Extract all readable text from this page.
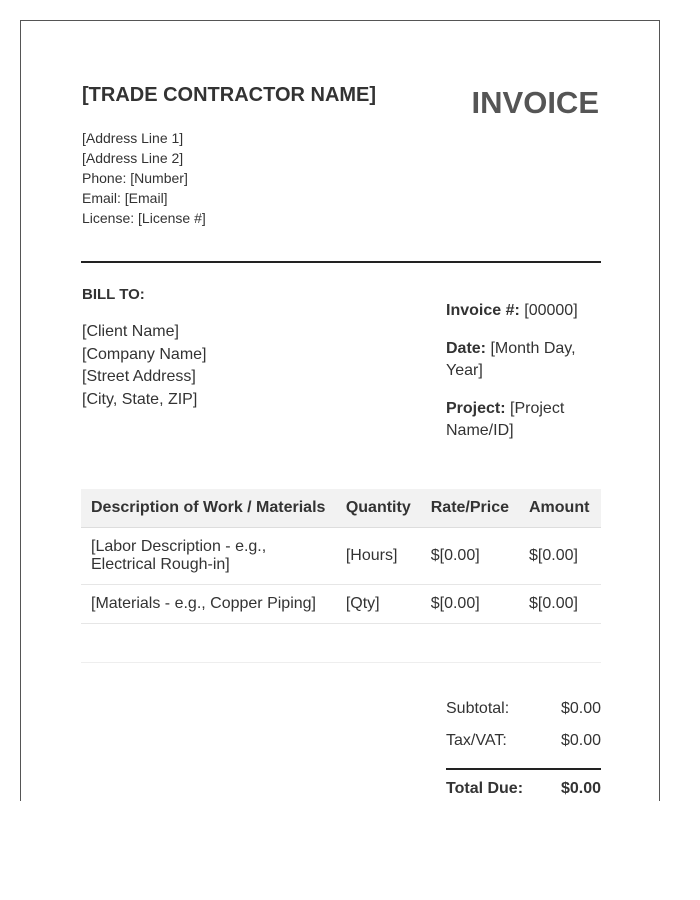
[TRADE CONTRACTOR NAME]	INVOICE
[Address Line 1]
[Address Line 2]
Phone: [Number]
Email: [Email]
License: [License #]
BILL TO:
[Client Name]
[Company Name]
[Street Address]
[City, State, ZIP]
Invoice #: [00000]
Date: [Month Day, Year]
Project: [Project Name/ID]
Description of Work / Materials	Quantity	Rate/Price	Amount
[Labor Description - e.g., Electrical Rough-in]	[Hours]	$[0.00]	$[0.00]
[Materials - e.g., Copper Piping]	[Qty]	$[0.00]	$[0.00]

Subtotal:	$0.00
Tax/VAT:	$0.00
Total Due: $0.00
